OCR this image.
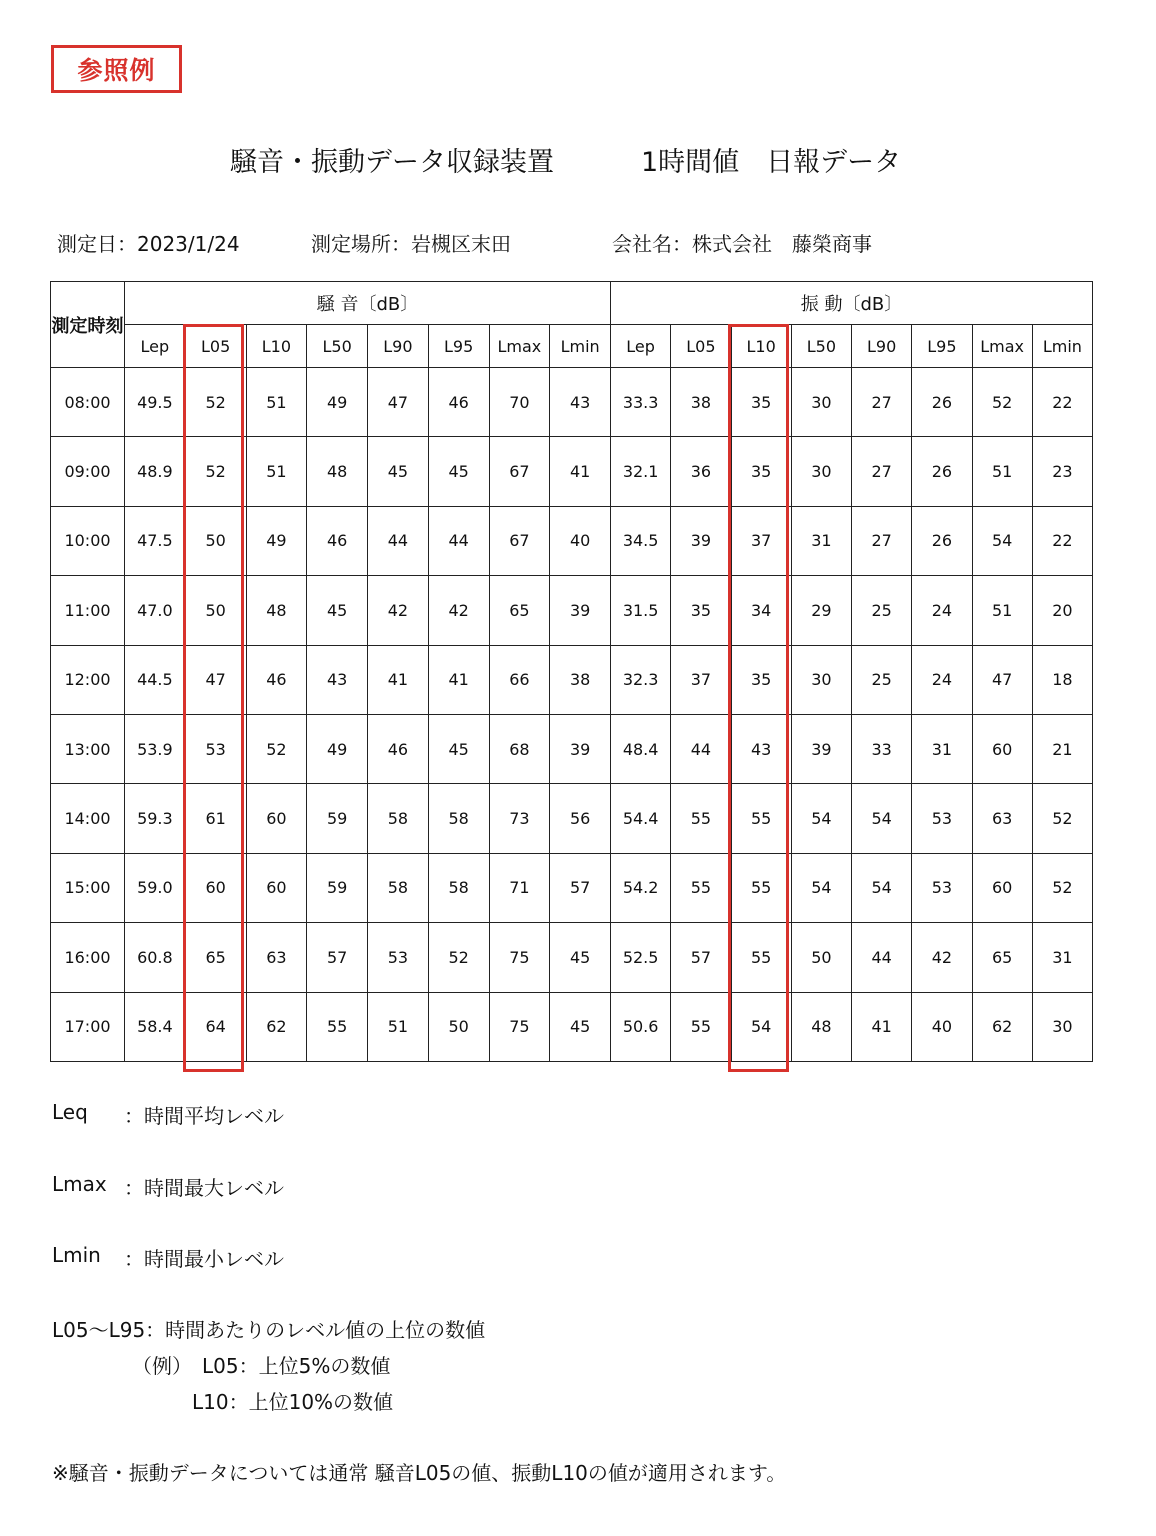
参照例
騒音・振動データ収録装置	1時間値　日報データ
測定日：2023/1/24	測定場所：岩槻区末田	会社名：株式会社　藤榮商事
測定時刻	騒 音〔dB〕								振 動〔dB〕							
	Lep	L05	L10	L50	L90	L95	Lmax	Lmin	Lep	L05	L10	L50	L90	L95	Lmax	Lmin
08:00	49.5	52	51	49	47	46	70	43	33.3	38	35	30	27	26	52	22
09:00	48.9	52	51	48	45	45	67	41	32.1	36	35	30	27	26	51	23
10:00	47.5	50	49	46	44	44	67	40	34.5	39	37	31	27	26	54	22
11:00	47.0	50	48	45	42	42	65	39	31.5	35	34	29	25	24	51	20
12:00	44.5	47	46	43	41	41	66	38	32.3	37	35	30	25	24	47	18
13:00	53.9	53	52	49	46	45	68	39	48.4	44	43	39	33	31	60	21
14:00	59.3	61	60	59	58	58	73	56	54.4	55	55	54	54	53	63	52
15:00	59.0	60	60	59	58	58	71	57	54.2	55	55	54	54	53	60	52
16:00	60.8	65	63	57	53	52	75	45	52.5	57	55	50	44	42	65	31
17:00	58.4	64	62	55	51	50	75	45	50.6	55	54	48	41	40	62	30
Leq ：時間平均レベル
Lmax ：時間最大レベル
Lmin ：時間最小レベル
L05～L95：時間あたりのレベル値の上位の数値
（例）　L05：上位5%の数値
L10：上位10%の数値
※騒音・振動データについては通常 騒音L05の値、振動L10の値が適用されます。
